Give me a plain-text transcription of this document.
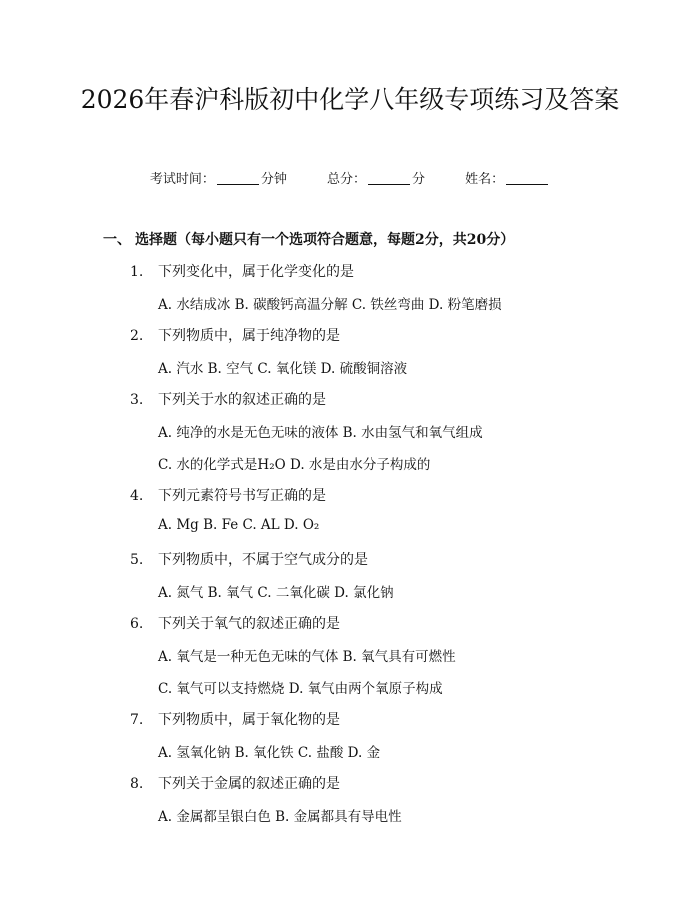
2026年春沪科版初中化学八年级专项练习及答案
考试时间：	分钟	总分：	分	姓名：
一、 选择题（每小题只有一个选项符合题意，每题2分，共20分）
1. 下列变化中，属于化学变化的是
A. 水结成冰 B. 碳酸钙高温分解 C. 铁丝弯曲 D. 粉笔磨损
2. 下列物质中，属于纯净物的是
A. 汽水 B. 空气 C. 氧化镁 D. 硫酸铜溶液
3. 下列关于水的叙述正确的是
A. 纯净的水是无色无味的液体 B. 水由氢气和氧气组成
C. 水的化学式是H₂O D. 水是由水分子构成的
4. 下列元素符号书写正确的是
A. Mg B. Fe C. AL D. O₂
5. 下列物质中，不属于空气成分的是
A. 氮气 B. 氧气 C. 二氧化碳 D. 氯化钠
6. 下列关于氧气的叙述正确的是
A. 氧气是一种无色无味的气体 B. 氧气具有可燃性
C. 氧气可以支持燃烧 D. 氧气由两个氧原子构成
7. 下列物质中，属于氧化物的是
A. 氢氧化钠 B. 氧化铁 C. 盐酸 D. 金
8. 下列关于金属的叙述正确的是
A. 金属都呈银白色 B. 金属都具有导电性
